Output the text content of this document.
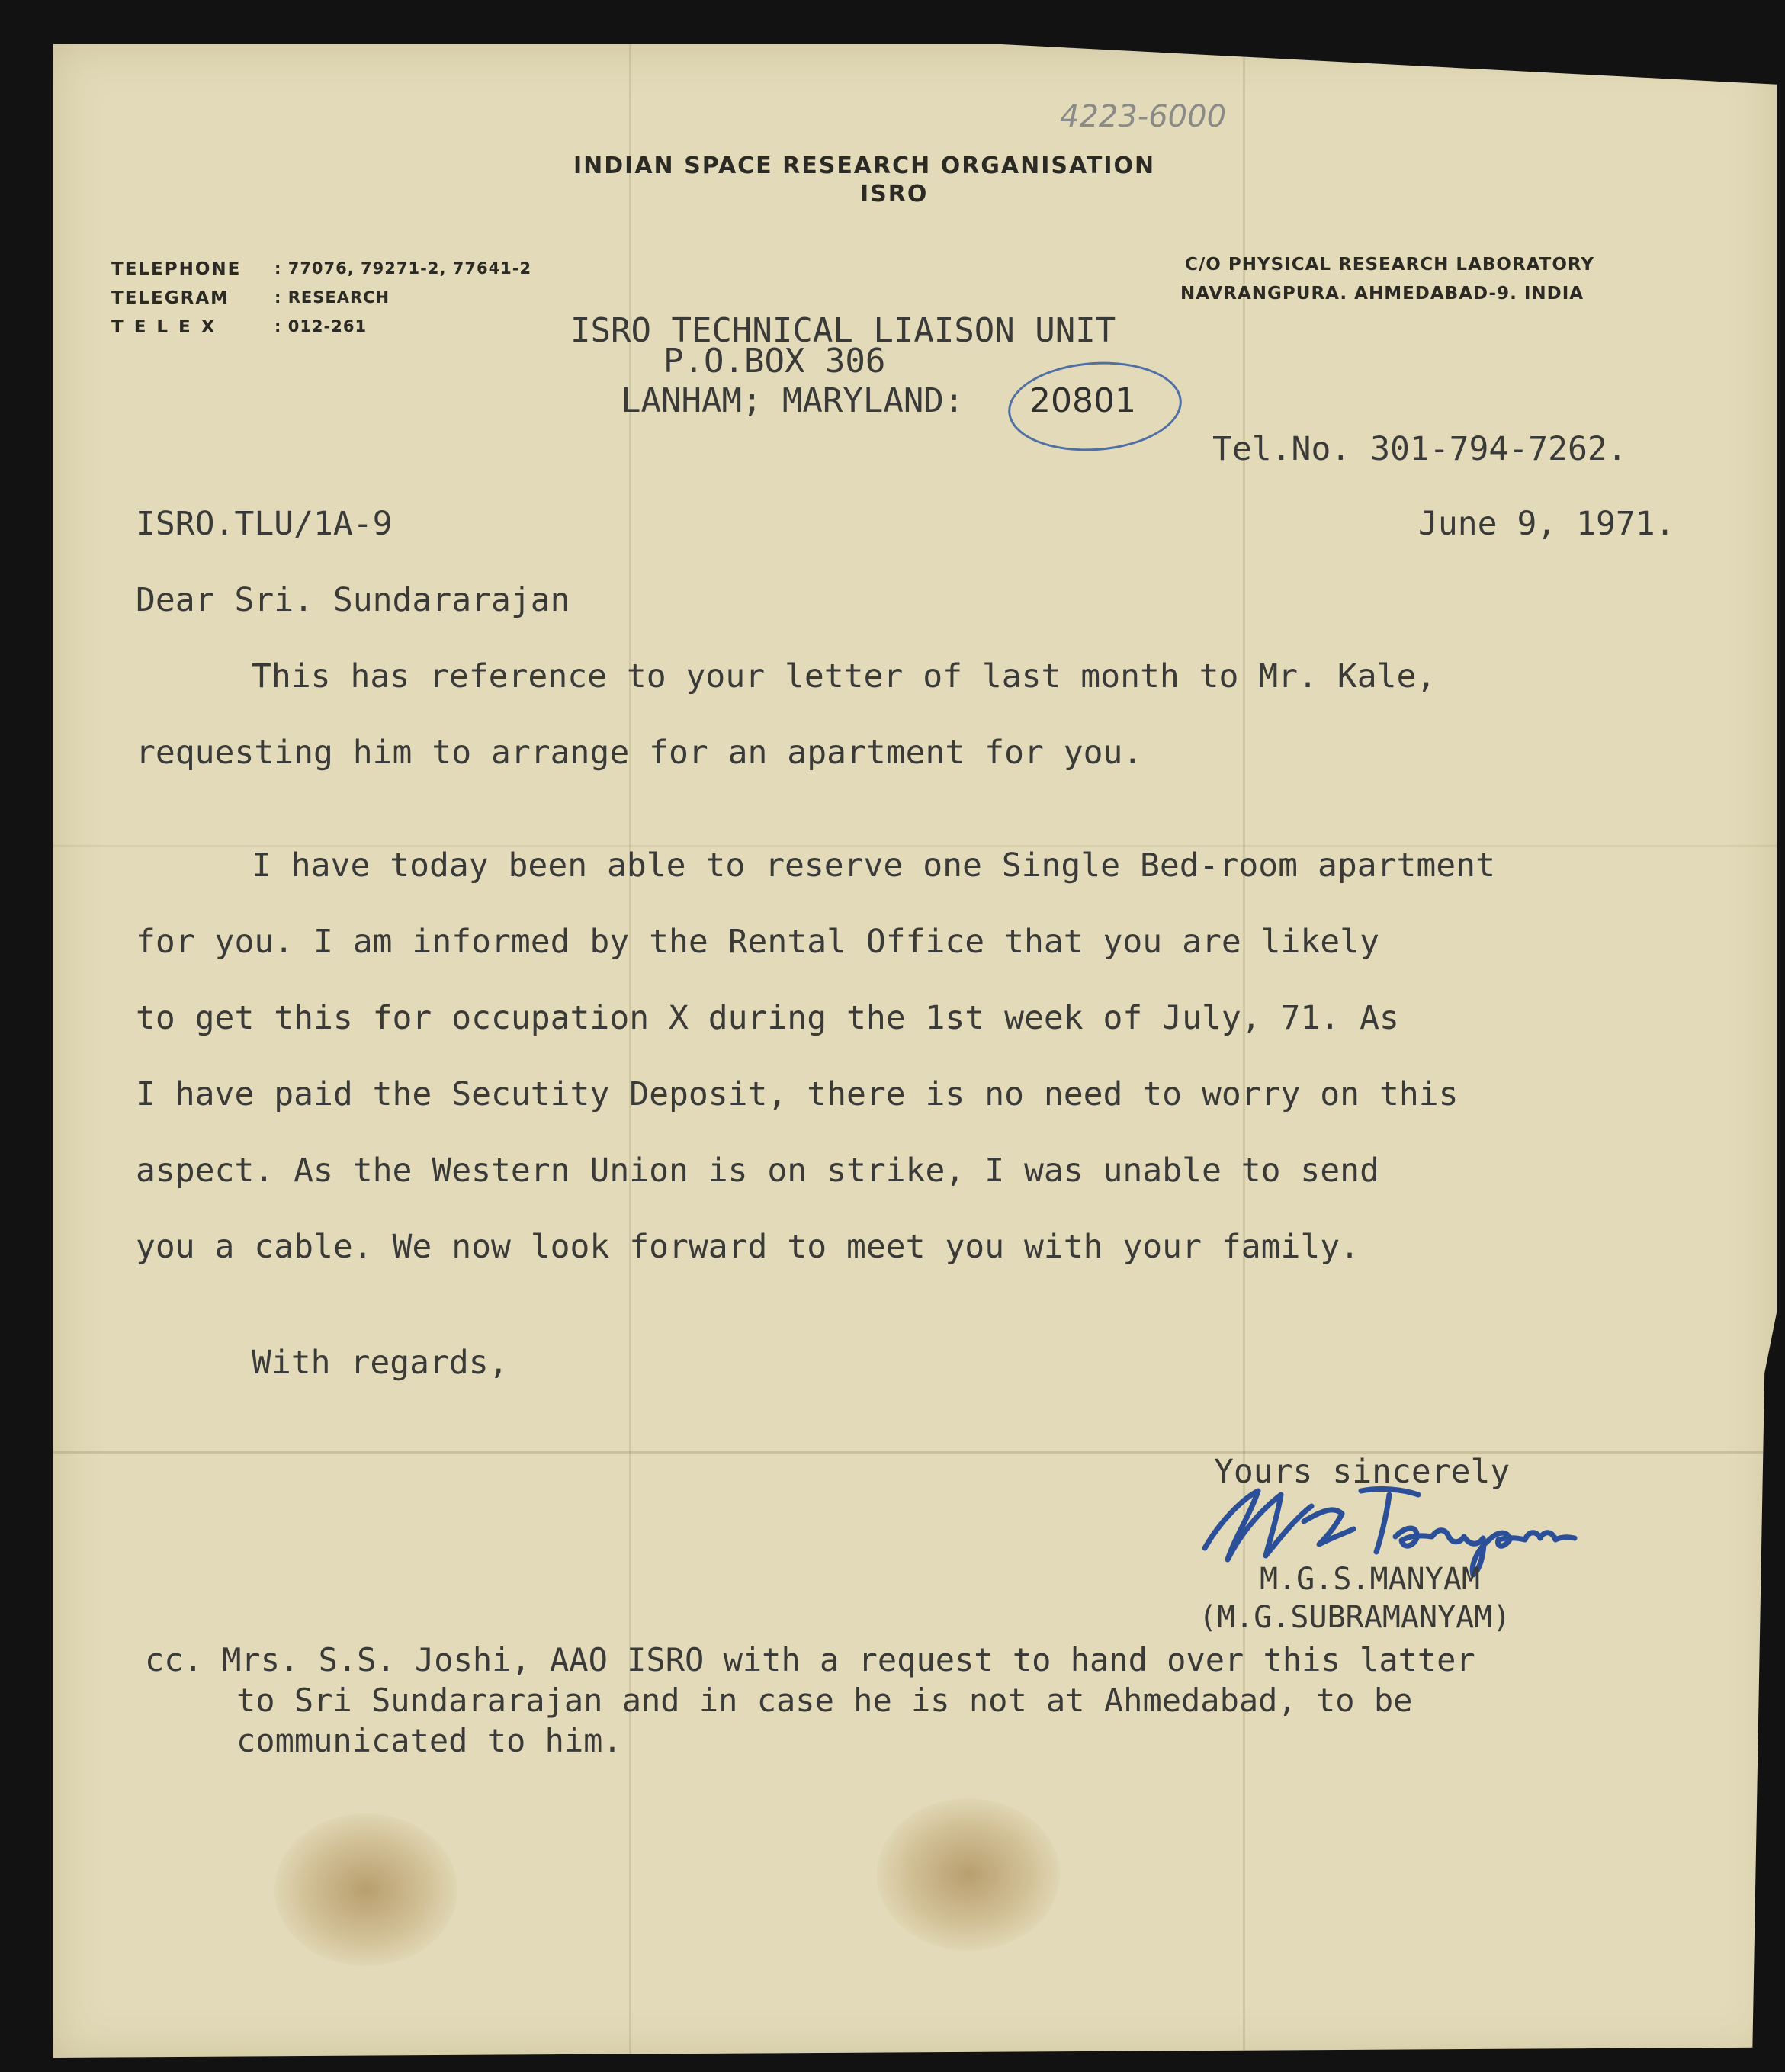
4223-6000
INDIAN SPACE RESEARCH ORGANISATION
ISRO
TELEPHONE : 77076, 79271-2, 77641-2
TELEGRAM	: RESEARCH
TELEX	: 012-261
C/O PHYSICAL RESEARCH LABORATORY
NAVRANGPURA. AHMEDABAD-9. INDIA
ISRO TECHNICAL LIAISON UNIT
P.O.BOX 306
LANHAM; MARYLAND: 20801
Tel.No. 301-794-7262.
ISRO.TLU/1A-9	June 9, 1971.
Dear Sri. Sundararajan
This has reference to your letter of last month to Mr. Kale,
requesting him to arrange for an apartment for you.
I have today been able to reserve one Single Bed-room apartment
for you. I am informed by the Rental Office that you are likely
to get this for occupation X during the 1st week of July, 71. As
I have paid the Secutity Deposit, there is no need to worry on this
aspect. As the Western Union is on strike, I was unable to send
you a cable. We now look forward to meet you with your family.
With regards,
Yours sincerely
MGS Manyam
M.G.S.MANYAM
(M.G.SUBRAMANYAM)
cc. Mrs. S.S. Joshi, AAO ISRO with a request to hand over this latter
to Sri Sundararajan and in case he is not at Ahmedabad, to be
communicated to him.
